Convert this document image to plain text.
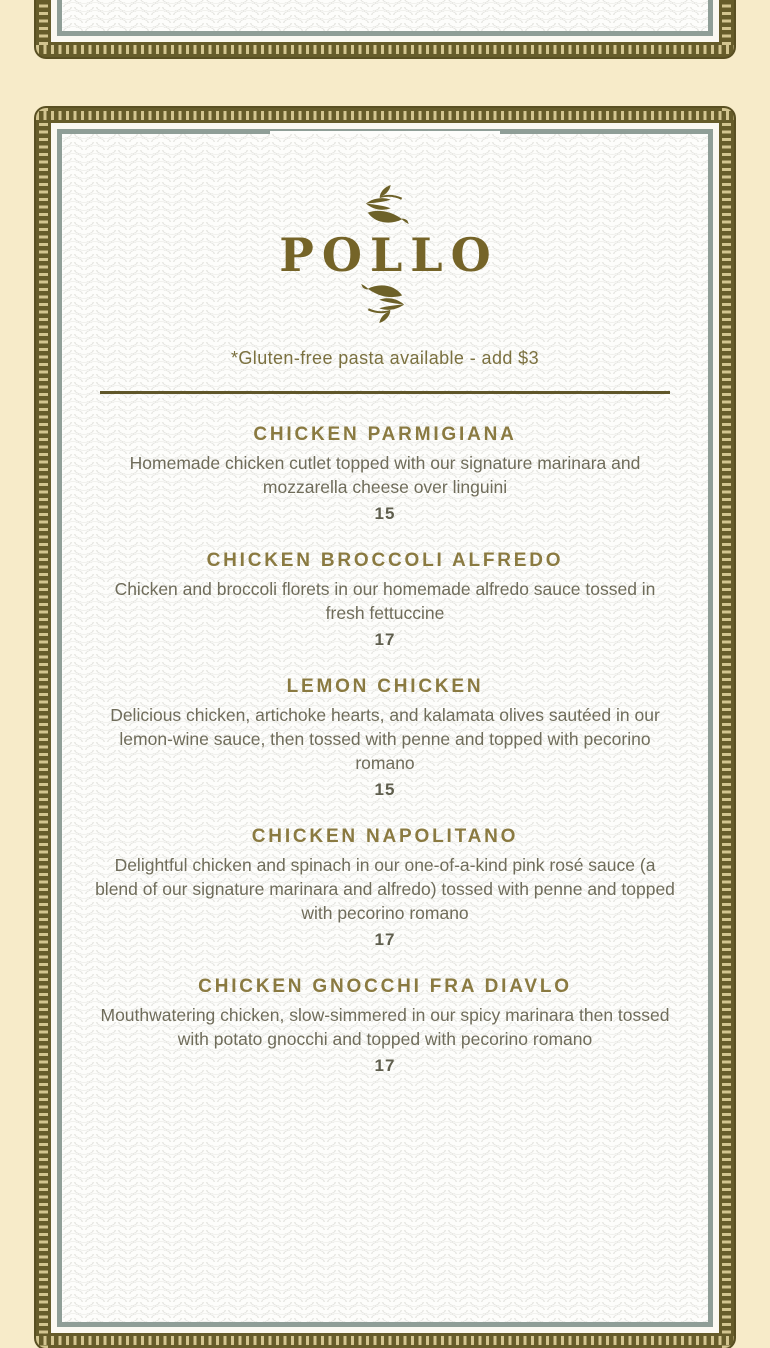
POLLO
*Gluten-free pasta available - add $3
CHICKEN PARMIGIANA
Homemade chicken cutlet topped with our signature marinara and mozzarella cheese over linguini
15
CHICKEN BROCCOLI ALFREDO
Chicken and broccoli florets in our homemade alfredo sauce tossed in fresh fettuccine
17
LEMON CHICKEN
Delicious chicken, artichoke hearts, and kalamata olives sautéed in our lemon-wine sauce, then tossed with penne and topped with pecorino romano
15
CHICKEN NAPOLITANO
Delightful chicken and spinach in our one-of-a-kind pink rosé sauce (a blend of our signature marinara and alfredo) tossed with penne and topped with pecorino romano
17
CHICKEN GNOCCHI FRA DIAVLO
Mouthwatering chicken, slow-simmered in our spicy marinara then tossed with potato gnocchi and topped with pecorino romano
17
